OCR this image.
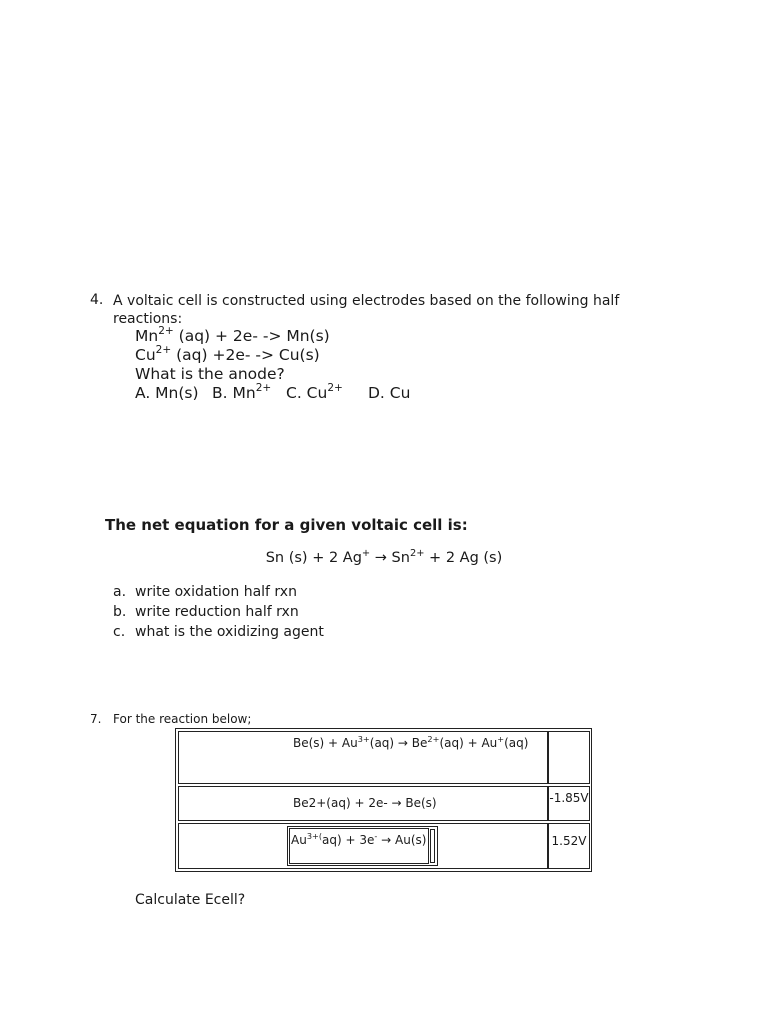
4. A voltaic cell is constructed using electrodes based on the following half reactions:
$Mn^{2+}$ (aq) + 2e- -> Mn(s)
$Cu^{2+}$ (aq) +2e- -> Cu(s)
What is the anode?
A. Mn(s) B. $Mn^{2+}$ C. $Cu^{2+}$ D. Cu
The net equation for a given voltaic cell is:
Sn (s) + 2 $Ag^+ \to Sn^{2+} + 2$ Ag (s)
a. write oxidation half rxn
b. write reduction half rxn
c. what is the oxidizing agent
7. For the reaction below;
$Be(s) + Au^{3+}(aq) \to Be^{2+}(aq) + Au^+(aq)$
Be2+(aq) + 2e- → Be(s)	-1.85V
$Au^{3+(}aq) + 3e^- \to Au(s)$	1.52V
Calculate Ecell?
